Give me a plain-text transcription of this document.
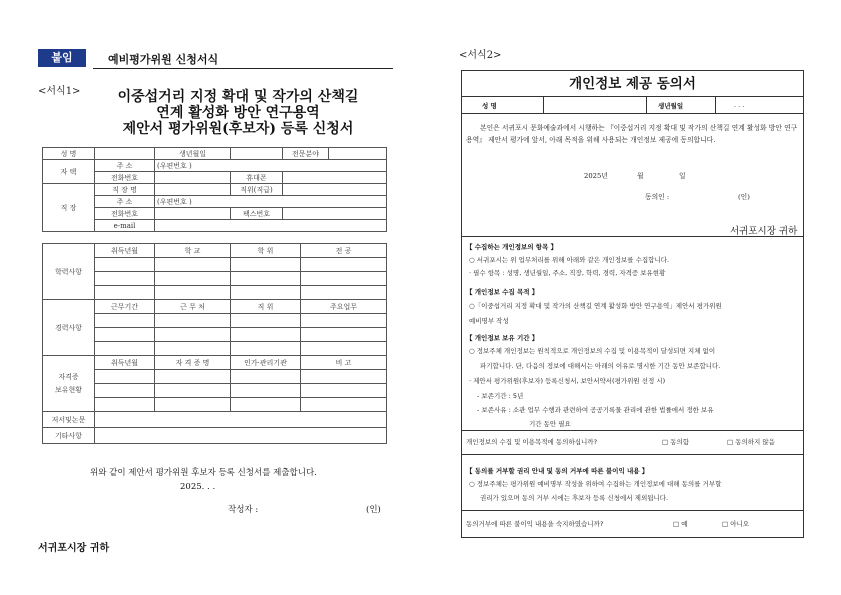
붙임	예비평가위원 신청서식
<서식1>	이중섭거리 지정 확대 및 작가의 산책길
연계 활성화 방안 연구용역
제안서 평가위원(후보자) 등록 신청서
성 명		생년월일		전문분야	
자 택	주 소	(우편번호 )			
	전화번호		휴대폰		
직 장	직 장 명		직위(직급)		
	주 소	(우편번호 )			
	전화번호		팩스번호		
	e-mail				
학력사항	취득년월	학 교	학 위	전 공

경력사항	근무기간	근 무 처	직 위	주요업무

자격증
보유현황	취득년월	자 격 증 명	인가·관리기관	비 고

저서및논문				
기타사항				
위와 같이 제안서 평가위원 후보자 등록 신청서를 제출합니다.
2025. . .
작성자 :	(인)
서귀포시장 귀하
<서식2>
개인정보 제공 동의서
성 명	생년월일	. . .
본인은 서귀포시 문화예술과에서 시행하는 『이중섭거리 지정 확대 및 작가의 산책길 연계 활성화 방안 연구용역』 제안서 평가에 앞서, 아래 목적을 위해 사용되는 개인정보 제공에 동의합니다.
2025년	월	일
동의인 :	(인)
서귀포시장 귀하
【 수집하는 개인정보의 항목 】
○ 서귀포시는 위 업무처리를 위해 아래와 같은 개인정보를 수집합니다.
· 필수 항목 : 성명, 생년월일, 주소, 직장, 학력, 경력, 자격증 보유현황
【 개인정보 수집 목적 】
○「이중섭거리 지정 확대 및 작가의 산책길 연계 활성화 방안 연구용역」제안서 평가위원
예비명부 작성
【 개인정보 보유 기간 】
○ 정보주체 개인정보는 원칙적으로 개인정보의 수집 및 이용목적이 달성되면 지체 없이
파기합니다. 단, 다음의 정보에 대해서는 아래의 이유로 명시한 기간 동안 보존합니다.
· 제안서 평가위원(후보자) 등록신청서, 보안서약서(평가위원 선정 시)
- 보존기간 : 5년
- 보존사유 : 소관 업무 수행과 관련하여 공공기록물 관리에 관한 법률에서 정한 보유
기간 동안 필요
개인정보의 수집 및 이용목적에 동의하십니까?	□ 동의함	□ 동의하지 않음
【 동의를 거부할 권리 안내 및 동의 거부에 따른 불이익 내용 】
○ 정보주체는 평가위원 예비명부 작성을 위하여 수집하는 개인정보에 대해 동의를 거부할
권리가 있으며 동의 거부 시에는 후보자 등록 신청에서 제외됩니다.
동의거부에 따른 불이익 내용을 숙지하였습니까?	□ 예	□ 아니오
